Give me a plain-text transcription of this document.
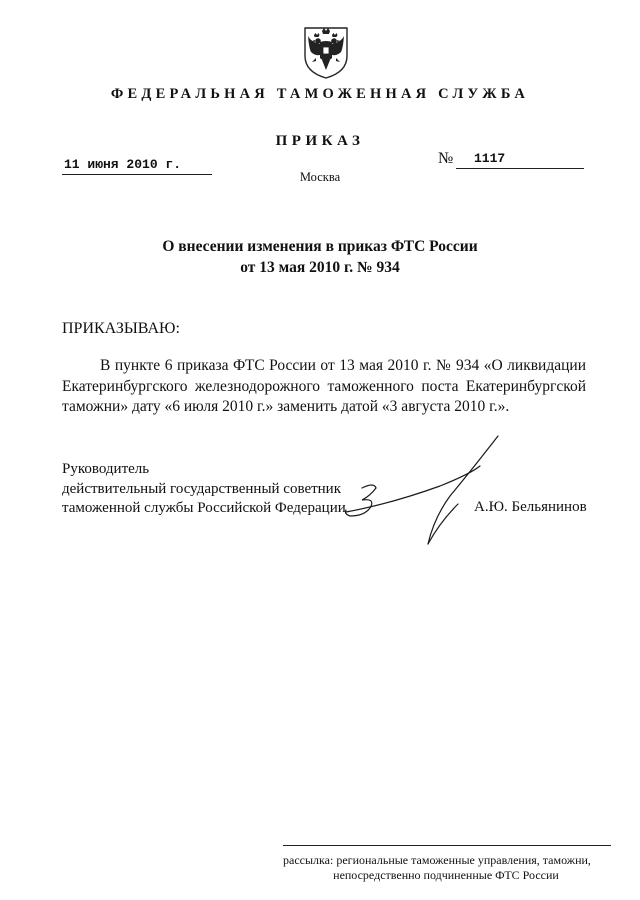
ФЕДЕРАЛЬНАЯ ТАМОЖЕННАЯ СЛУЖБА
ПРИКАЗ
11 июня 2010 г.	№	1117
Москва
О внесении изменения в приказ ФТС России
от 13 мая 2010 г. № 934
ПРИКАЗЫВАЮ:

В пункте 6 приказа ФТС России от 13 мая 2010 г. № 934 «О ликвидации Екатеринбургского железнодорожного таможенного поста Екатеринбургской таможни» дату «6 июля 2010 г.» заменить датой «3 августа 2010 г.».

Руководитель
действительный государственный советник
таможенной службы Российской Федерации	А.Ю. Бельянинов
рассылка: региональные таможенные управления, таможни,
непосредственно подчиненные ФТС России
